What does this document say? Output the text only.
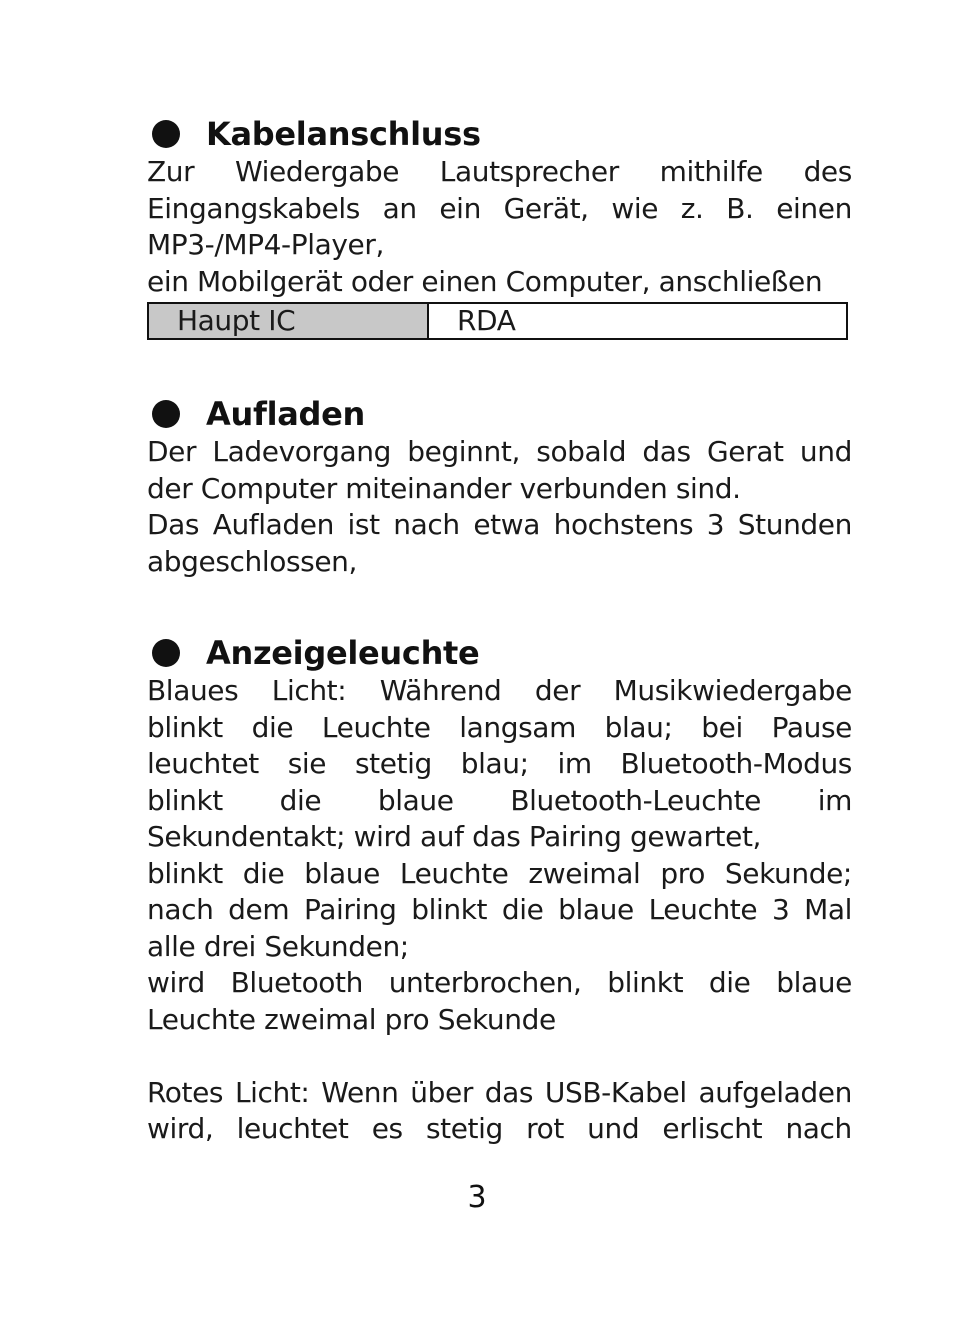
Kabelanschluss
Zur Wiedergabe Lautsprecher mithilfe des
Eingangskabels an ein Gerät, wie z. B. einen
MP3-/MP4-Player,
ein Mobilgerät oder einen Computer, anschließen
Haupt IC	RDA
Aufladen
Der Ladevorgang beginnt, sobald das Gerat und
der Computer miteinander verbunden sind.
Das Aufladen ist nach etwa hochstens 3 Stunden
abgeschlossen,
Anzeigeleuchte
Blaues Licht: Während der Musikwiedergabe
blinkt die Leuchte langsam blau; bei Pause
leuchtet sie stetig blau; im Bluetooth-Modus
blinkt die blaue Bluetooth-Leuchte im
Sekundentakt; wird auf das Pairing gewartet,
blinkt die blaue Leuchte zweimal pro Sekunde;
nach dem Pairing blinkt die blaue Leuchte 3 Mal
alle drei Sekunden;
wird Bluetooth unterbrochen, blinkt die blaue
Leuchte zweimal pro Sekunde
Rotes Licht: Wenn über das USB-Kabel aufgeladen
wird, leuchtet es stetig rot und erlischt nach
3
